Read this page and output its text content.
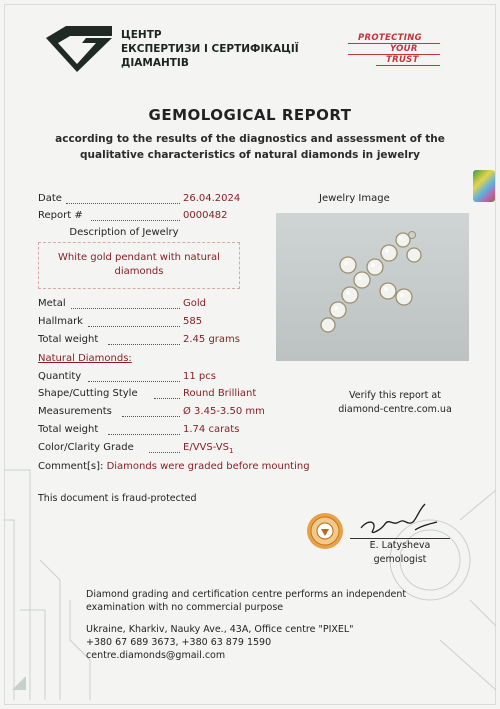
ЦЕНТР
ЕКСПЕРТИЗИ І СЕРТИФІКАЦІЇ
ДІАМАНТІВ
PROTECTING
YOUR
TRUST
GEMOLOGICAL REPORT
according to the results of the diagnostics and assessment of the
qualitative characteristics of natural diamonds in jewelry
Date	26.04.2024
Report #	0000482
Description of Jewelry
White gold pendant with natural
diamonds
Jewelry Image
Metal	Gold
Hallmark	585
Total weight	2.45 grams
Natural Diamonds:
Quantity	11 pcs
Shape/Cutting Style	Round Brilliant
Measurements	Ø 3.45-3.50 mm
Total weight	1.74 carats
Color/Clarity Grade	$E/VVS-VS_1$
Comment[s]: Diamonds were graded before mounting
Verify this report at
diamond-centre.com.ua
This document is fraud-protected
E. Latysheva
gemologist

Diamond grading and certification centre performs an independent

examination with no commercial purpose

Ukraine, Kharkiv, Nauky Ave., 43A, Office centre "PIXEL"

+380 67 689 3673, +380 63 879 1590

centre.diamonds@gmail.com
